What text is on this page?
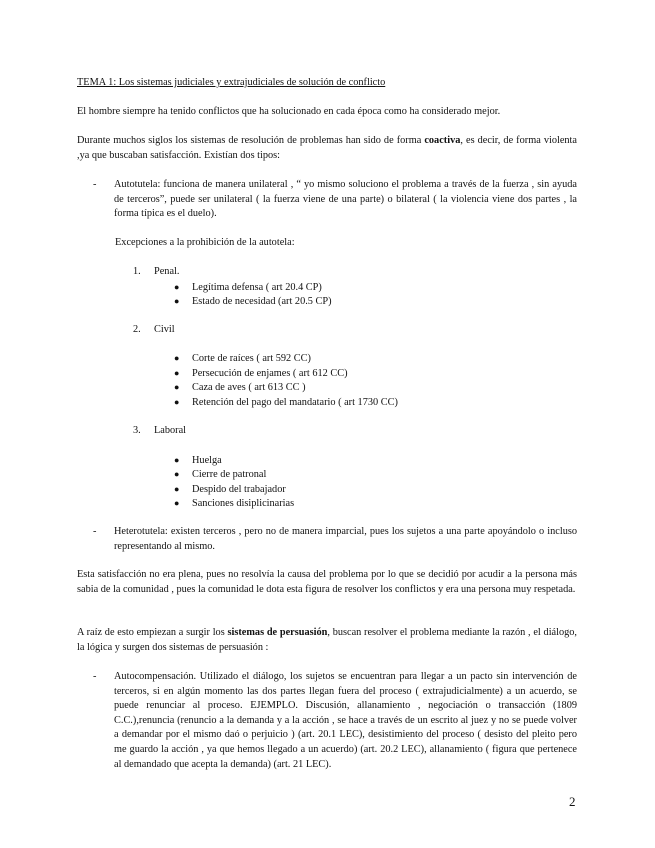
TEMA 1: Los sistemas judiciales y extrajudiciales de solución de conflicto

El hombre siempre ha tenido conflictos que ha solucionado en cada época como ha considerado mejor.

Durante muchos siglos los sistemas de resolución de problemas han sido de forma coactiva, es decir, de forma violenta ,ya que buscaban satisfacción. Existían dos tipos:

- Autotutela: funciona de manera unilateral , “ yo mismo soluciono el problema a través de la fuerza , sin ayuda de terceros”, puede ser unilateral ( la fuerza viene de una parte) o bilateral ( la violencia viene dos partes , la forma típica es el duelo).

Excepciones a la prohibición de la autotela:

1. Penal.
● Legítima defensa ( art 20.4 CP)
● Estado de necesidad (art 20.5 CP)
2. Civil
● Corte de raíces ( art 592 CC)
● Persecución de enjames ( art 612 CC)
● Caza de aves ( art 613 CC )
● Retención del pago del mandatario ( art 1730 CC)
3. Laboral
● Huelga
● Cierre de patronal
● Despido del trabajador
● Sanciones disiplicinarias
- Heterotutela: existen terceros , pero no de manera imparcial, pues los sujetos a una parte apoyándolo o incluso representando al mismo.

Esta satisfacción no era plena, pues no resolvía la causa del problema por lo que se decidió por acudir a la persona más sabia de la comunidad , pues la comunidad le dota esta figura de resolver los conflictos y era una persona muy respetada.

A raíz de esto empiezan a surgir los sistemas de persuasión, buscan resolver el problema mediante la razón , el diálogo, la lógica y surgen dos sistemas de persuasión :

- Autocompensación. Utilizado el diálogo, los sujetos se encuentran para llegar a un pacto sin intervención de terceros, si en algún momento las dos partes llegan fuera del proceso ( extrajudicialmente) a un acuerdo, se puede renunciar al proceso. EJEMPLO. Discusión, allanamiento , negociación o transacción (1809 C.C.),renuncia (renuncio a la demanda y a la acción , se hace a través de un escrito al juez y no se puede volver a demandar por el mismo daó o perjuicio ) (art. 20.1 LEC), desistimiento del proceso ( desisto del pleito pero me guardo la acción , ya que hemos llegado a un acuerdo) (art. 20.2 LEC), allanamiento ( figura que pertenece al demandado que acepta la demanda) (art. 21 LEC).

2
